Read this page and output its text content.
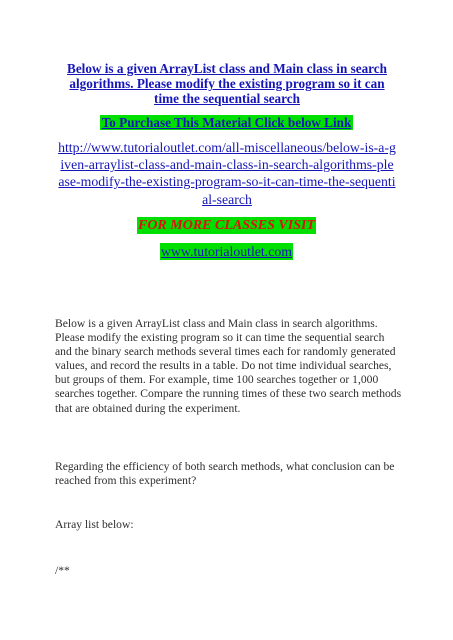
Below is a given ArrayList class and Main class in search algorithms. Please modify the existing program so it can time the sequential search

To Purchase This Material Click below Link
http://www.tutorialoutlet.com/all-miscellaneous/below-is-a-given-arraylist-class-and-main-class-in-search-algorithms-please-modify-the-existing-program-so-it-can-time-the-sequential-search
FOR MORE CLASSES VISIT
www.tutorialoutlet.com

Below is a given ArrayList class and Main class in search algorithms. Please modify the existing program so it can time the sequential search and the binary search methods several times each for randomly generated values, and record the results in a table. Do not time individual searches, but groups of them. For example, time 100 searches together or 1,000 searches together. Compare the running times of these two search methods that are obtained during the experiment.

Regarding the efficiency of both search methods, what conclusion can be reached from this experiment?

Array list below:

/**
